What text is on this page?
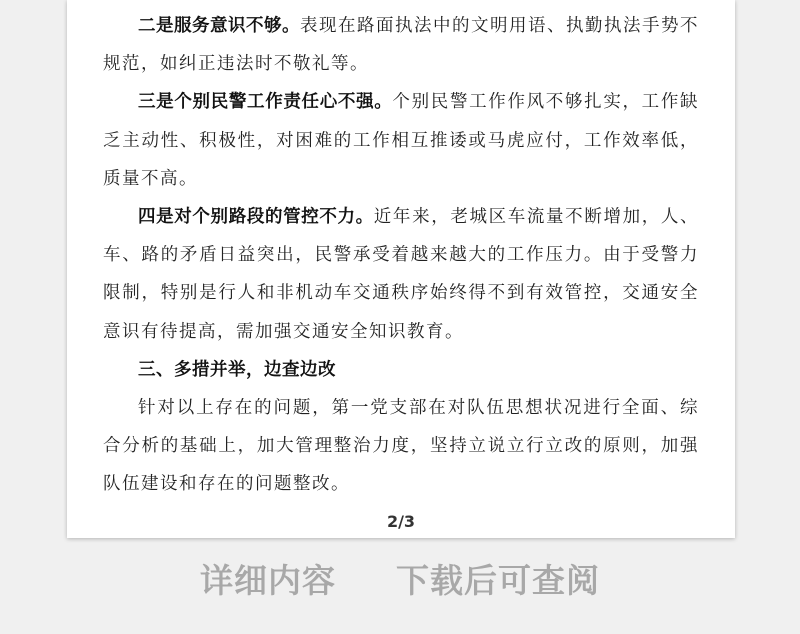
二是服务意识不够。表现在路面执法中的文明用语、执勤执法手势不规范，如纠正违法时不敬礼等。

三是个别民警工作责任心不强。个别民警工作作风不够扎实，工作缺乏主动性、积极性，对困难的工作相互推诿或马虎应付，工作效率低，质量不高。

四是对个别路段的管控不力。近年来，老城区车流量不断增加，人、车、路的矛盾日益突出，民警承受着越来越大的工作压力。由于受警力限制，特别是行人和非机动车交通秩序始终得不到有效管控，交通安全意识有待提高，需加强交通安全知识教育。

三、多措并举，边查边改

针对以上存在的问题，第一党支部在对队伍思想状况进行全面、综合分析的基础上，加大管理整治力度，坚持立说立行立改的原则，加强队伍建设和存在的问题整改。

2/3
详细内容 下载后可查阅
